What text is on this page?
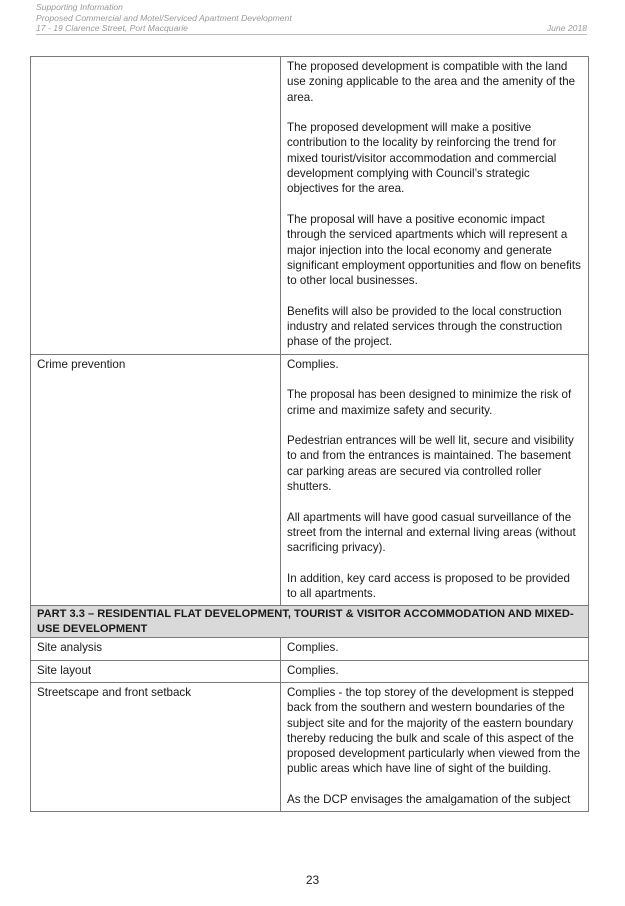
Supporting Information
Proposed Commercial and Motel/Serviced Apartment Development
17 - 19 Clarence Street, Port Macquarie	June 2018

	The proposed development is compatible with the land use zoning applicable to the area and the amenity of the area.

The proposed development will make a positive contribution to the locality by reinforcing the trend for mixed tourist/visitor accommodation and commercial development complying with Council’s strategic objectives for the area.

The proposal will have a positive economic impact through the serviced apartments which will represent a major injection into the local economy and generate significant employment opportunities and flow on benefits to other local businesses.

Benefits will also be provided to the local construction industry and related services through the construction phase of the project.

Crime prevention	Complies.

The proposal has been designed to minimize the risk of crime and maximize safety and security.

Pedestrian entrances will be well lit, secure and visibility to and from the entrances is maintained. The basement car parking areas are secured via controlled roller shutters.

All apartments will have good casual surveillance of the street from the internal and external living areas (without sacrificing privacy).

In addition, key card access is proposed to be provided to all apartments.

PART 3.3 – RESIDENTIAL FLAT DEVELOPMENT, TOURIST & VISITOR ACCOMMODATION AND MIXED-USE DEVELOPMENT	
Site analysis	Complies.

Site layout	Complies.

Streetscape and front setback	Complies - the top storey of the development is stepped back from the southern and western boundaries of the subject site and for the majority of the eastern boundary thereby reducing the bulk and scale of this aspect of the proposed development particularly when viewed from the public areas which have line of sight of the building.

As the DCP envisages the amalgamation of the subject

23
